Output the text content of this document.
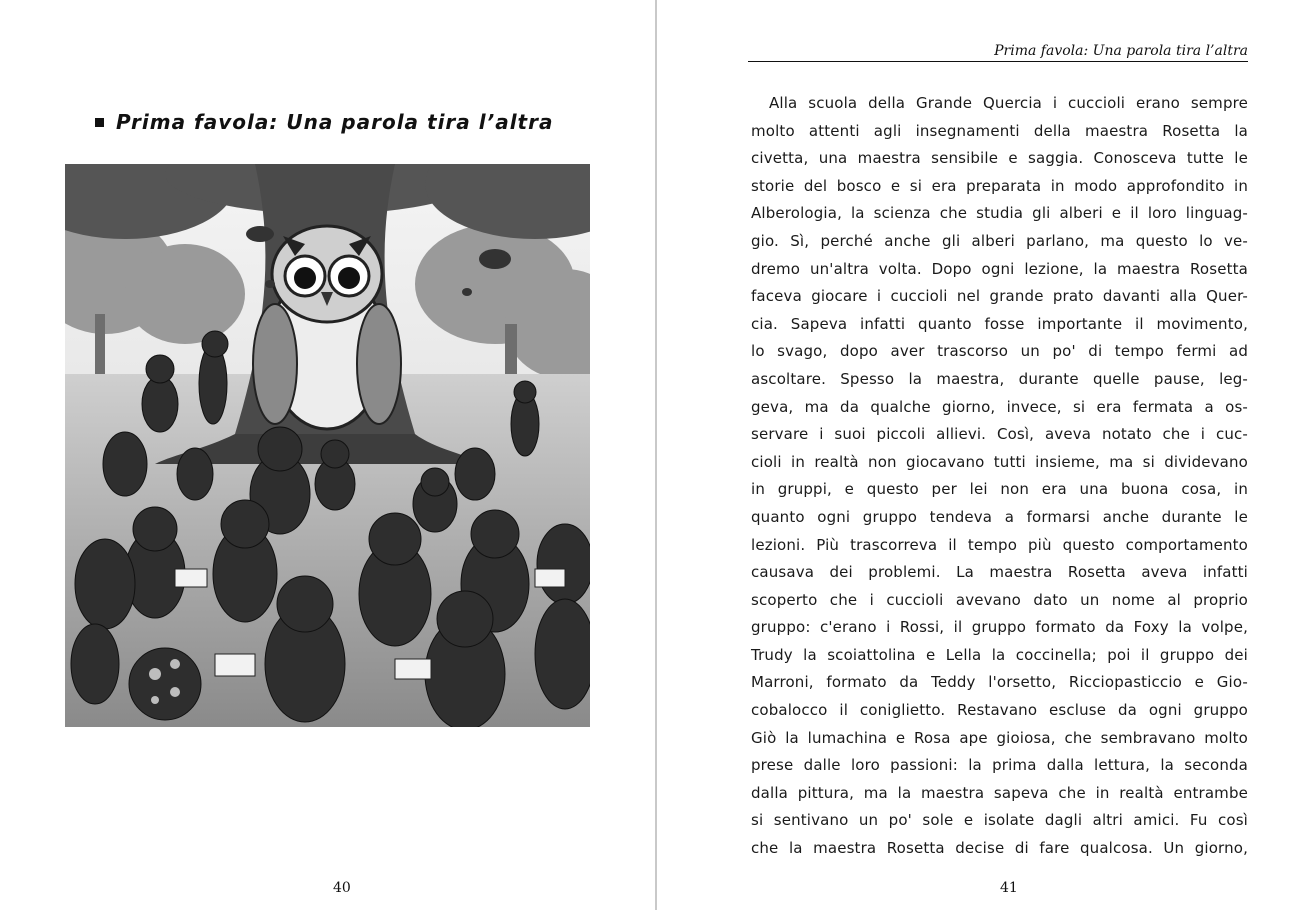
Prima favola: Una parola tira l’altra
40
Prima favola: Una parola tira l’altra
Alla scuola della Grande Quercia i cuccioli erano sempre
molto attenti agli insegnamenti della maestra Rosetta la
civetta, una maestra sensibile e saggia. Conosceva tutte le
storie del bosco e si era preparata in modo approfondito in
Alberologia, la scienza che studia gli alberi e il loro linguag-
gio. Sì, perché anche gli alberi parlano, ma questo lo ve-
dremo un'altra volta. Dopo ogni lezione, la maestra Rosetta
faceva giocare i cuccioli nel grande prato davanti alla Quer-
cia. Sapeva infatti quanto fosse importante il movimento,
lo svago, dopo aver trascorso un po' di tempo fermi ad
ascoltare. Spesso la maestra, durante quelle pause, leg-
geva, ma da qualche giorno, invece, si era fermata a os-
servare i suoi piccoli allievi. Così, aveva notato che i cuc-
cioli in realtà non giocavano tutti insieme, ma si dividevano
in gruppi, e questo per lei non era una buona cosa, in
quanto ogni gruppo tendeva a formarsi anche durante le
lezioni. Più trascorreva il tempo più questo comportamento
causava dei problemi. La maestra Rosetta aveva infatti
scoperto che i cuccioli avevano dato un nome al proprio
gruppo: c'erano i Rossi, il gruppo formato da Foxy la volpe,
Trudy la scoiattolina e Lella la coccinella; poi il gruppo dei
Marroni, formato da Teddy l'orsetto, Ricciopasticcio e Gio-
cobalocco il coniglietto. Restavano escluse da ogni gruppo
Giò la lumachina e Rosa ape gioiosa, che sembravano molto
prese dalle loro passioni: la prima dalla lettura, la seconda
dalla pittura, ma la maestra sapeva che in realtà entrambe
si sentivano un po' sole e isolate dagli altri amici. Fu così
che la maestra Rosetta decise di fare qualcosa. Un giorno,
41
